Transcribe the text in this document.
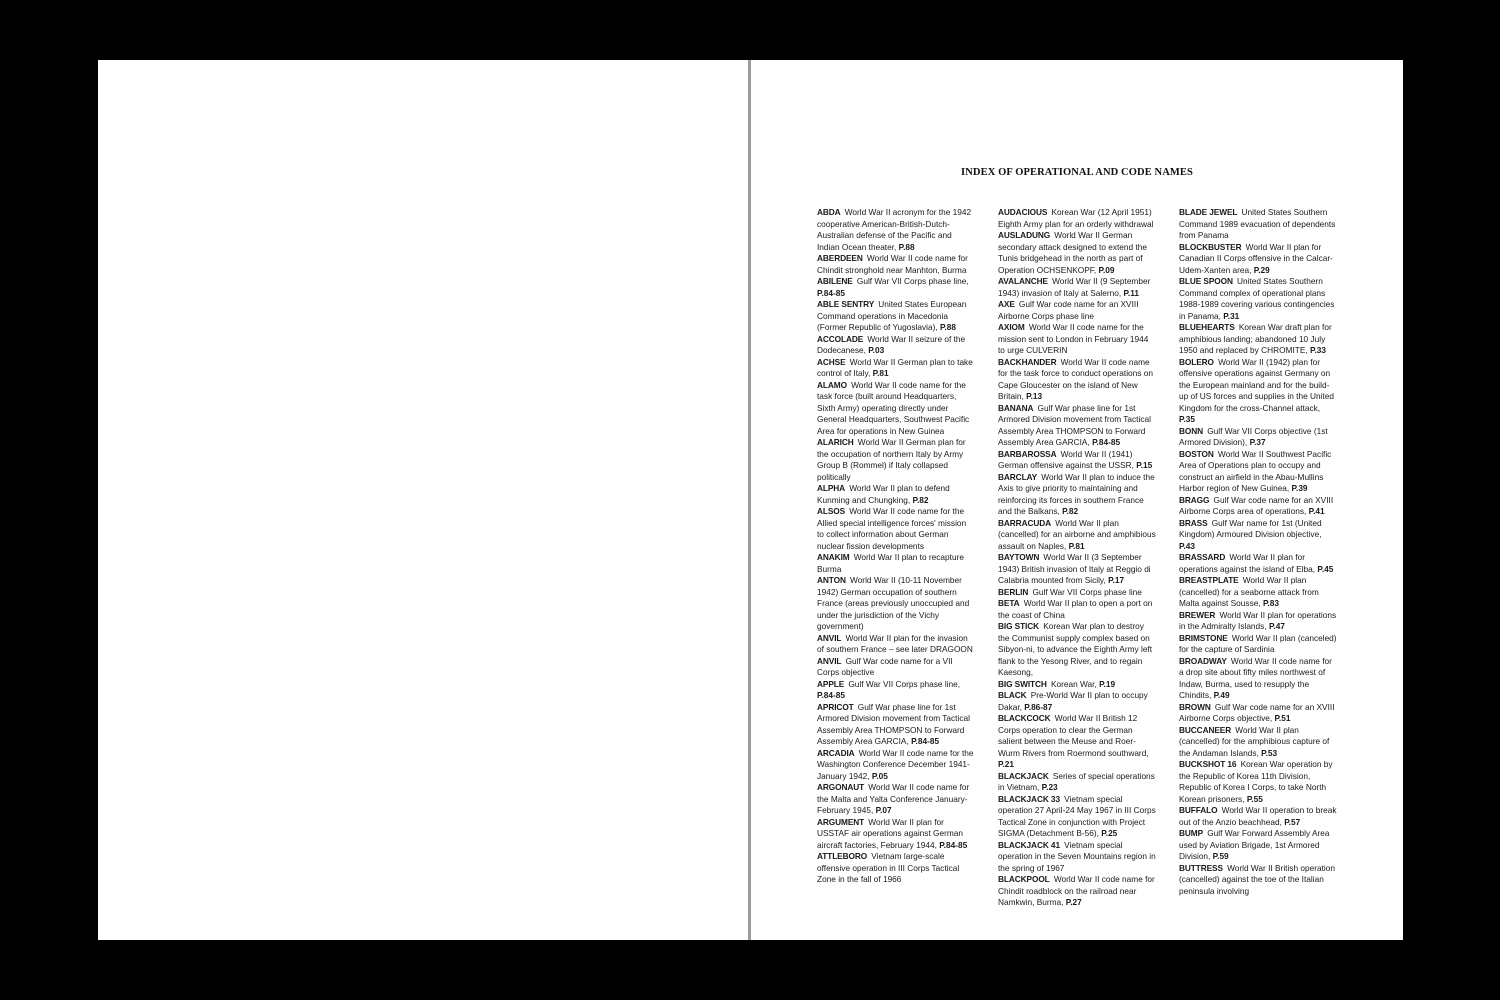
INDEX OF OPERATIONAL AND CODE NAMES

ABDA  World War II acronym for the 1942 cooperative American-British-Dutch-Australian defense of the Pacific and Indian Ocean theater, P.88

ABERDEEN  World War II code name for Chindit stronghold near Manhton, Burma

ABILENE  Gulf War VII Corps phase line, P.84-85

ABLE SENTRY  United States European Command operations in Macedonia (Former Republic of Yugoslavia), P.88

ACCOLADE  World War II seizure of the Dodecanese, P.03

ACHSE  World War II German plan to take control of Italy, P.81

ALAMO  World War II code name for the task force (built around Headquarters, Sixth Army) operating directly under General Headquarters, Southwest Pacific Area for operations in New Guinea

ALARICH  World War II German plan for the occupation of northern Italy by Army Group B (Rommel) if Italy collapsed politically

ALPHA  World War II plan to defend Kunming and Chungking, P.82

ALSOS  World War II code name for the Allied special intelligence forces' mission to collect information about German nuclear fission developments

ANAKIM  World War II plan to recapture Burma

ANTON  World War II (10-11 November 1942) German occupation of southern France (areas previously unoccupied and under the jurisdiction of the Vichy government)

ANVIL  World War II plan for the invasion of southern France – see later DRAGOON

ANVIL  Gulf War code name for a VII Corps objective

APPLE  Gulf War VII Corps phase line, P.84-85

APRICOT  Gulf War phase line for 1st Armored Division movement from Tactical Assembly Area THOMPSON to Forward Assembly Area GARCIA, P.84-85

ARCADIA  World War II code name for the Washington Conference December 1941-January 1942, P.05

ARGONAUT  World War II code name for the Malta and Yalta Conference January-February 1945, P.07

ARGUMENT  World War II plan for USSTAF air operations against German aircraft factories, February 1944, P.84-85

ATTLEBORO  Vietnam large-scale offensive operation in III Corps Tactical Zone in the fall of 1966

AUDACIOUS  Korean War (12 April 1951) Eighth Army plan for an orderly withdrawal

AUSLADUNG  World War II German secondary attack designed to extend the Tunis bridgehead in the north as part of Operation OCHSENKOPF, P.09

AVALANCHE  World War II (9 September 1943) invasion of Italy at Salerno, P.11

AXE  Gulf War code name for an XVIII Airborne Corps phase line

AXIOM  World War II code name for the mission sent to London in February 1944 to urge CULVERIN

BACKHANDER  World War II code name for the task force to conduct operations on Cape Gloucester on the island of New Britain, P.13

BANANA  Gulf War phase line for 1st Armored Division movement from Tactical Assembly Area THOMPSON to Forward Assembly Area GARCIA, P.84-85

BARBAROSSA  World War II (1941) German offensive against the USSR, P.15

BARCLAY  World War II plan to induce the Axis to give priority to maintaining and reinforcing its forces in southern France and the Balkans, P.82

BARRACUDA  World War II plan (cancelled) for an airborne and amphibious assault on Naples, P.81

BAYTOWN  World War II (3 September 1943) British invasion of Italy at Reggio di Calabria mounted from Sicily, P.17

BERLIN  Gulf War VII Corps phase line

BETA  World War II plan to open a port on the coast of China

BIG STICK  Korean War plan to destroy the Communist supply complex based on Sibyon-ni, to advance the Eighth Army left flank to the Yesong River, and to regain Kaesong,

BIG SWITCH  Korean War, P.19

BLACK  Pre-World War II plan to occupy Dakar, P.86-87

BLACKCOCK  World War II British 12 Corps operation to clear the German salient between the Meuse and Roer-Wurm Rivers from Roermond southward, P.21

BLACKJACK  Series of special operations in Vietnam, P.23

BLACKJACK 33  Vietnam special operation 27 April-24 May 1967 in III Corps Tactical Zone in conjunction with Project SIGMA (Detachment B-56), P.25

BLACKJACK 41  Vietnam special operation in the Seven Mountains region in the spring of 1967

BLACKPOOL  World War II code name for Chindit roadblock on the railroad near Namkwin, Burma, P.27

BLADE JEWEL  United States Southern Command 1989 evacuation of dependents from Panama

BLOCKBUSTER  World War II plan for Canadian II Corps offensive in the Calcar-Udem-Xanten area, P.29

BLUE SPOON  United States Southern Command complex of operational plans 1988-1989 covering various contingencies in Panama, P.31

BLUEHEARTS  Korean War draft plan for amphibious landing; abandoned 10 July 1950 and replaced by CHROMITE, P.33

BOLERO  World War II (1942) plan for offensive operations against Germany on the European mainland and for the build-up of US forces and supplies in the United Kingdom for the cross-Channel attack, P.35

BONN  Gulf War VII Corps objective (1st Armored Division), P.37

BOSTON  World War II Southwest Pacific Area of Operations plan to occupy and construct an airfield in the Abau-Mullins Harbor region of New Guinea, P.39

BRAGG  Gulf War code name for an XVIII Airborne Corps area of operations, P.41

BRASS  Gulf War name for 1st (United Kingdom) Armoured Division objective, P.43

BRASSARD  World War II plan for operations against the island of Elba, P.45

BREASTPLATE  World War II plan (cancelled) for a seaborne attack from Malta against Sousse, P.83

BREWER  World War II plan for operations in the Admiralty Islands, P.47

BRIMSTONE  World War II plan (canceled) for the capture of Sardinia

BROADWAY  World War II code name for a drop site about fifty miles northwest of Indaw, Burma, used to resupply the Chindits, P.49

BROWN  Gulf War code name for an XVIII Airborne Corps objective, P.51

BUCCANEER  World War II plan (cancelled) for the amphibious capture of the Andaman Islands, P.53

BUCKSHOT 16  Korean War operation by the Republic of Korea 11th Division, Republic of Korea I Corps, to take North Korean prisoners, P.55

BUFFALO  World War II operation to break out of the Anzio beachhead, P.57

BUMP  Gulf War Forward Assembly Area used by Aviation Brigade, 1st Armored Division, P.59

BUTTRESS  World War II British operation (cancelled) against the toe of the Italian peninsula involving
